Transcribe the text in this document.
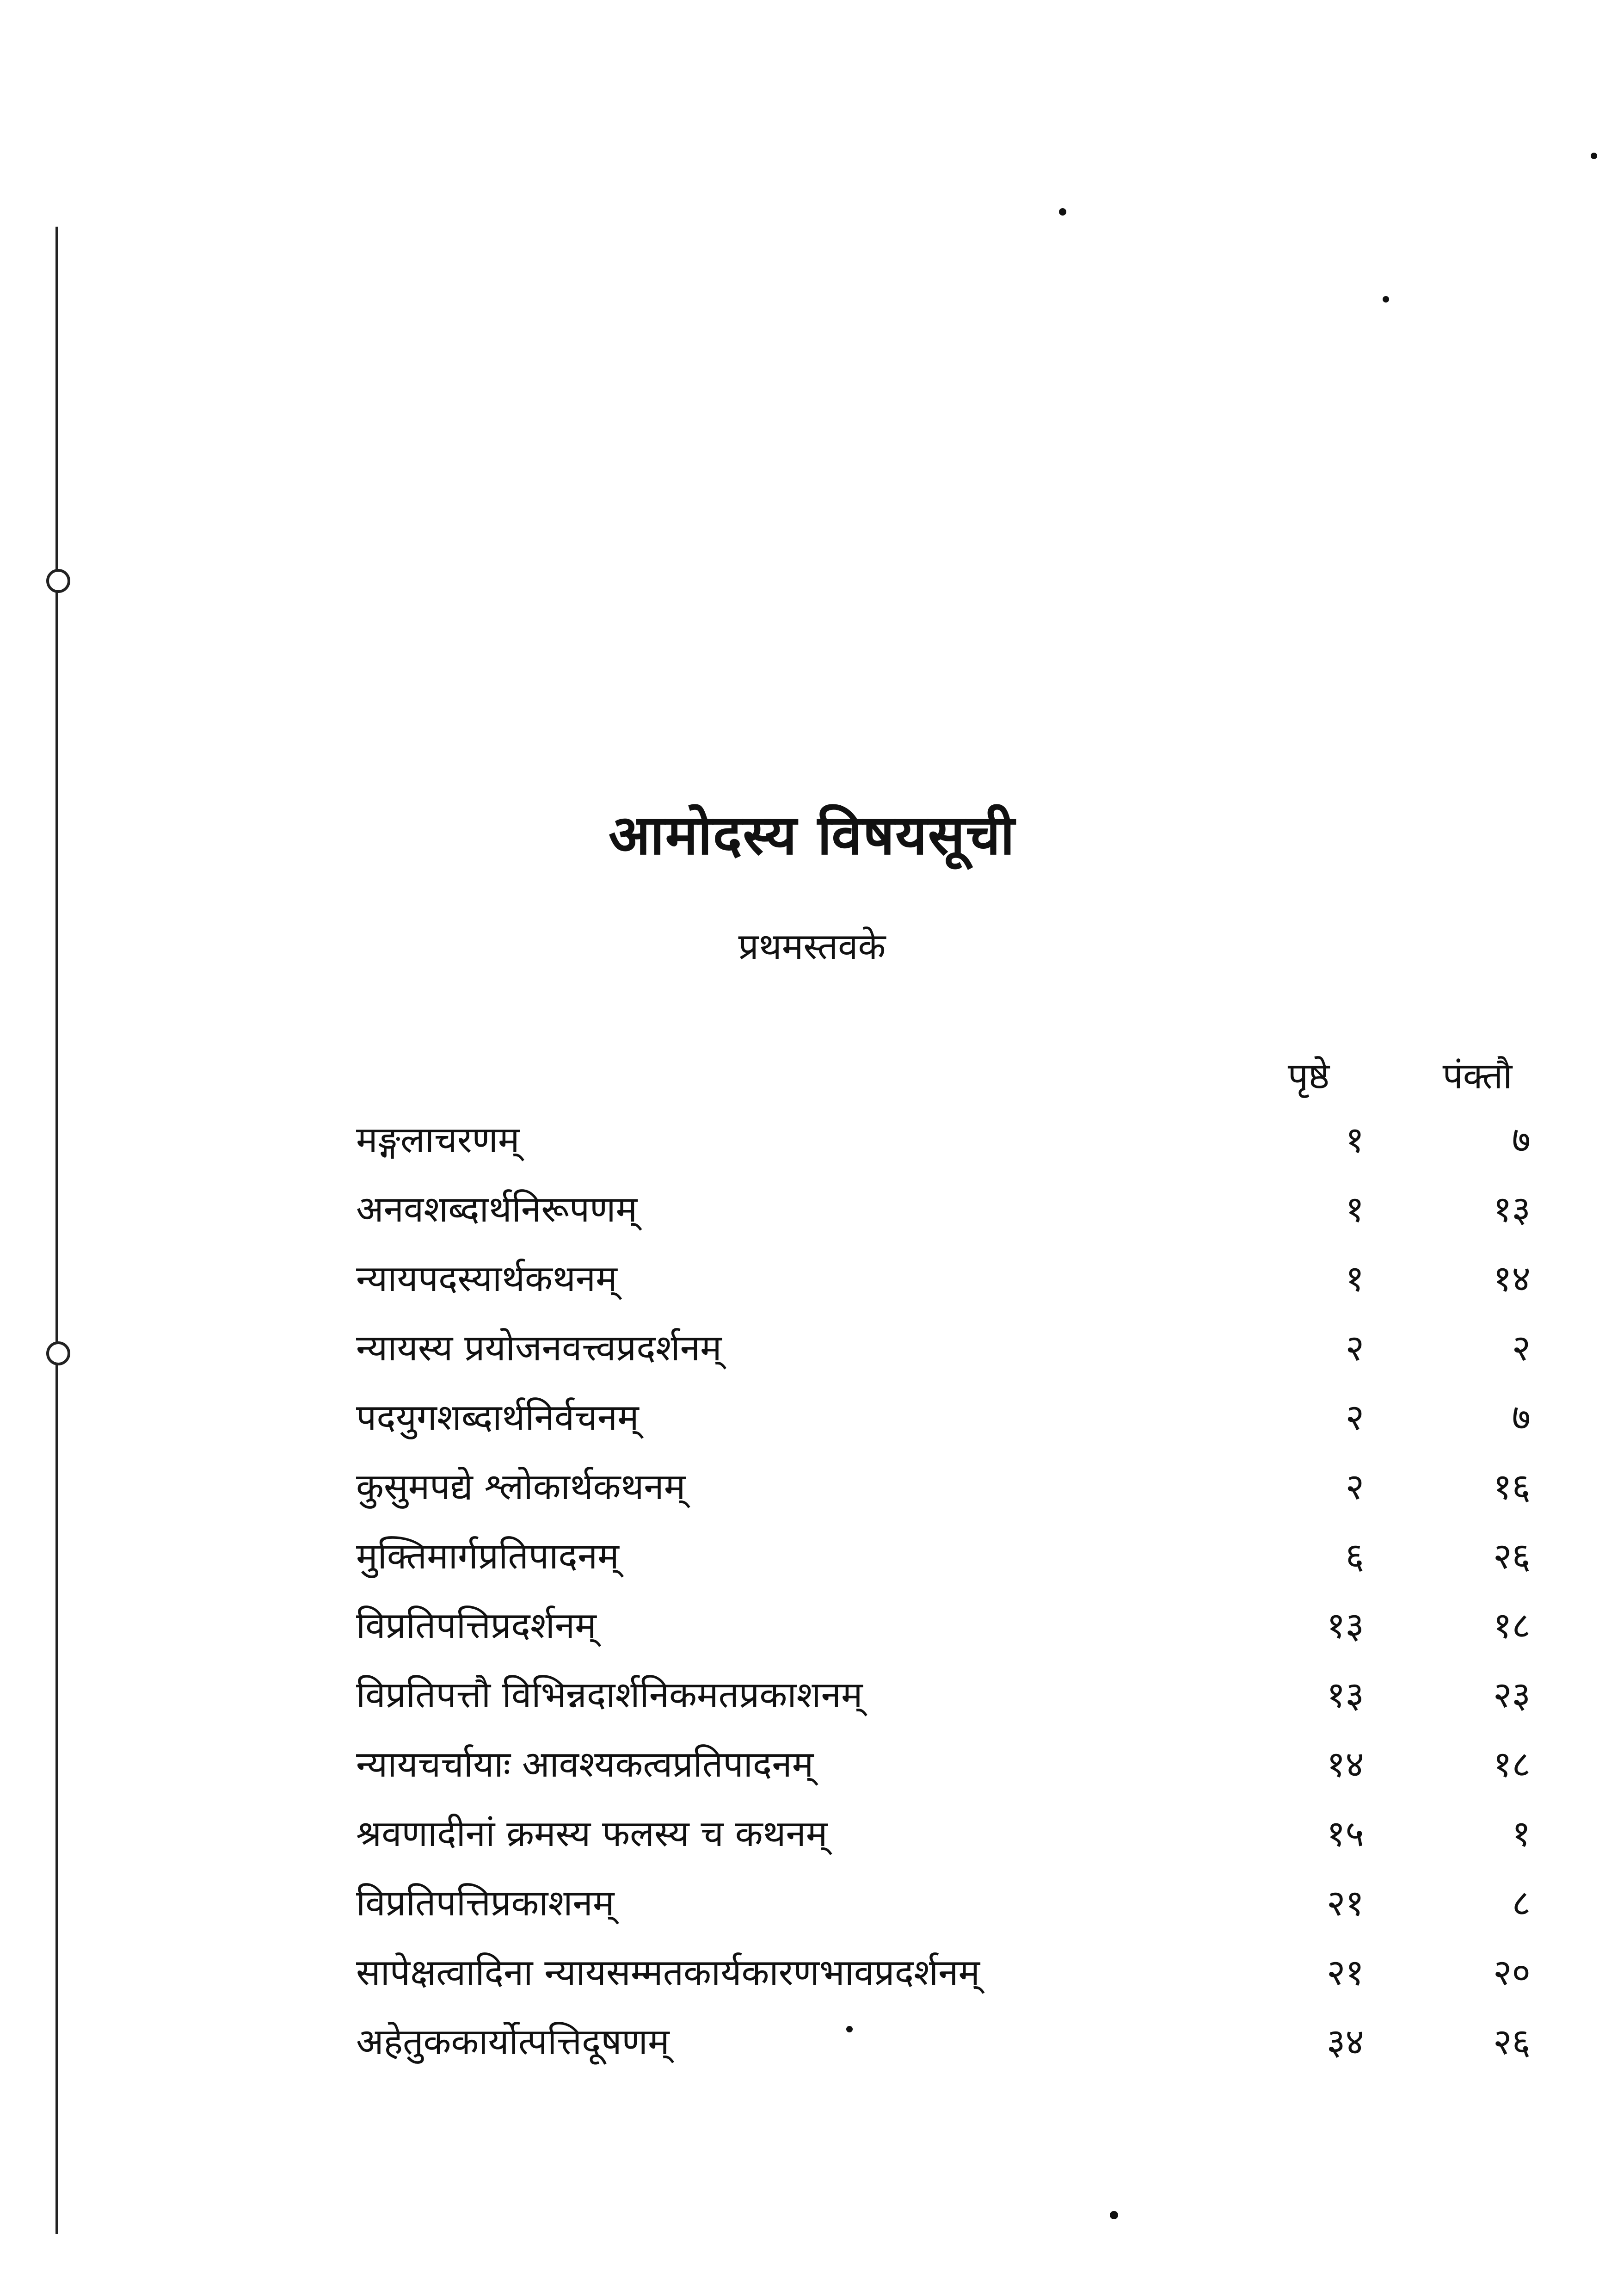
आमोदस्य विषयसूची
प्रथमस्तवके
पृष्ठे	पंक्तौ
मङ्गलाचरणम्	१	७
अनवशब्दार्थनिरूपणम्	१	१३
न्यायपदस्यार्थकथनम्	१	१४
न्यायस्य प्रयोजनवत्त्वप्रदर्शनम्	२	२
पदयुगशब्दार्थनिर्वचनम्	२	७
कुसुमपद्ये श्लोकार्थकथनम्	२	१६
मुक्तिमार्गप्रतिपादनम्	६	२६
विप्रतिपत्तिप्रदर्शनम्	१३	१८
विप्रतिपत्तौ विभिन्नदार्शनिकमतप्रकाशनम्	१३	२३
न्यायचर्चायाः आवश्यकत्वप्रतिपादनम्	१४	१८
श्रवणादीनां क्रमस्य फलस्य च कथनम्	१५	१
विप्रतिपत्तिप्रकाशनम्	२१	८
सापेक्षत्वादिना न्यायसम्मतकार्यकारणभावप्रदर्शनम्	२१	२०
अहेतुककार्योत्पत्तिदूषणम्	३४	२६
